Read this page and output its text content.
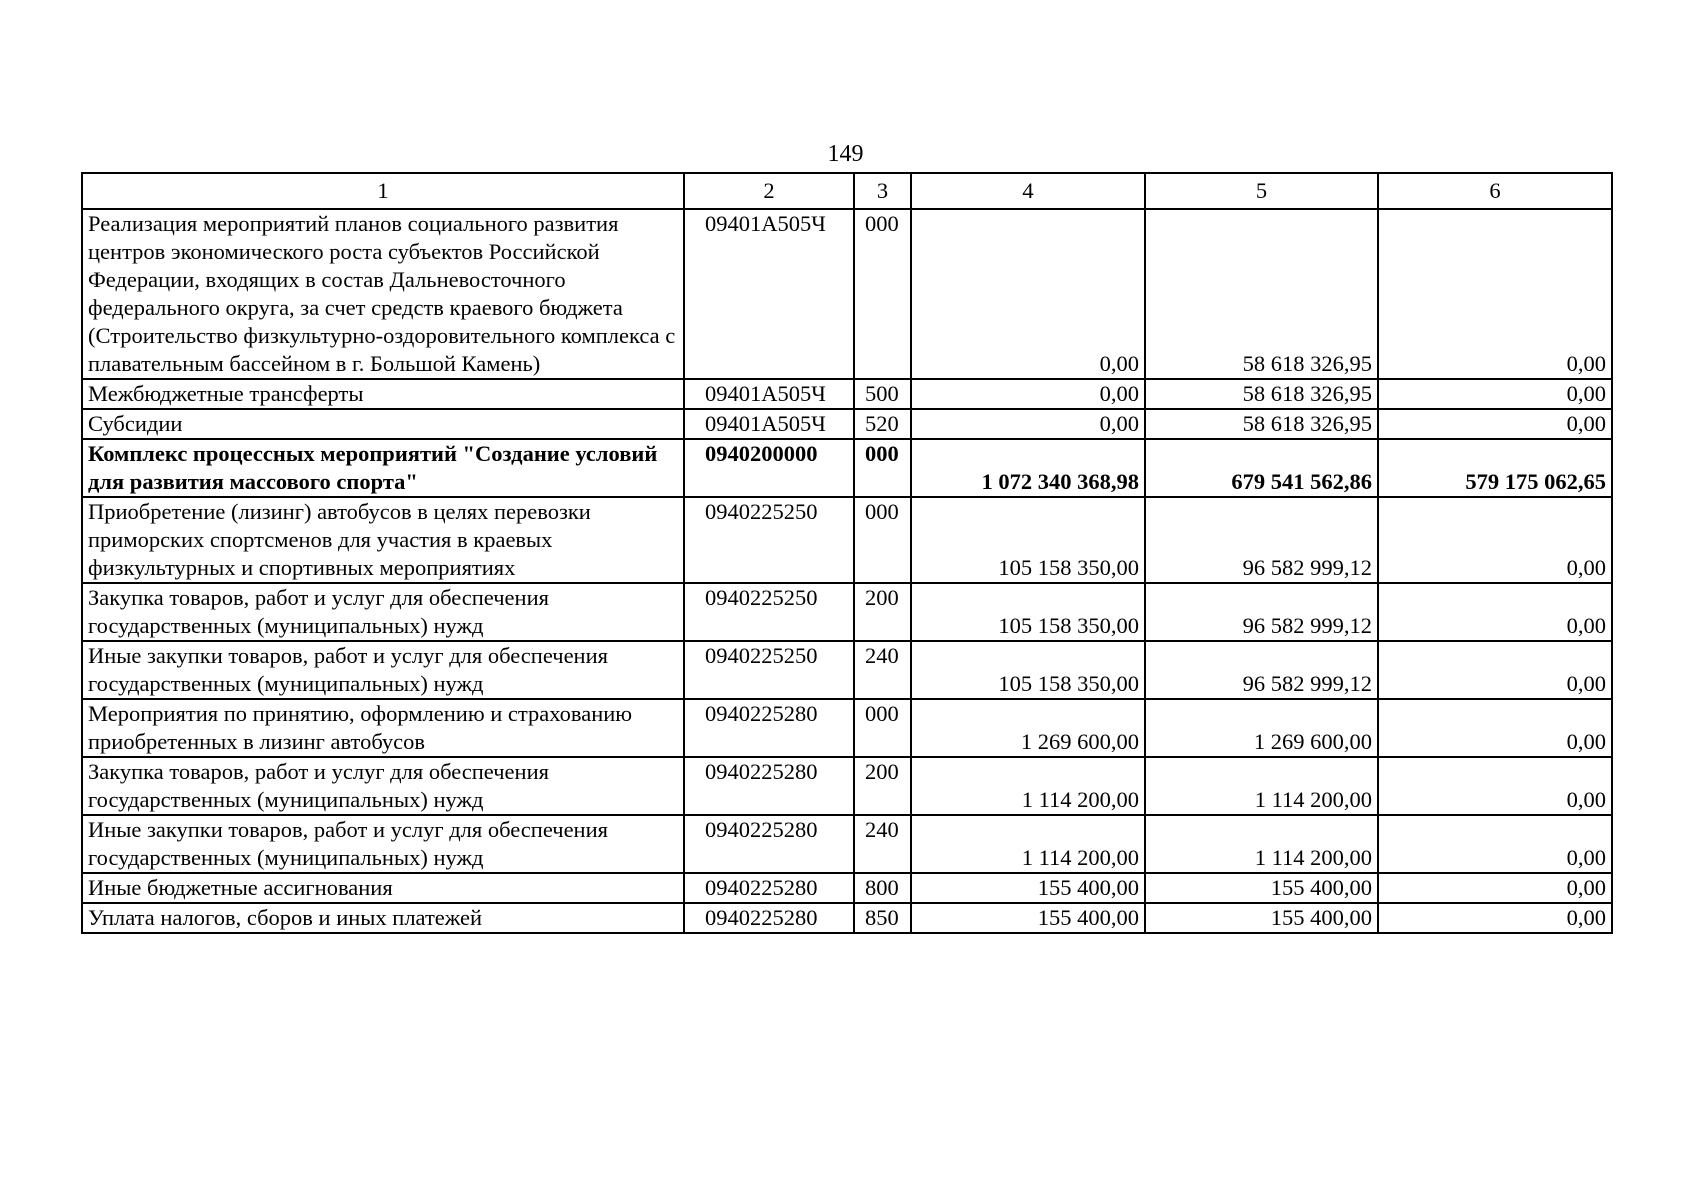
149
1	2	3	4	5	6
Реализация мероприятий планов социального развития центров экономического роста субъектов Российской Федерации, входящих в состав Дальневосточного федерального округа, за счет средств краевого бюджета (Строительство физкультурно-оздоровительного комплекса с плавательным бассейном в г. Большой Камень)	09401A505Ч	000	0,00	58 618 326,95	0,00
Межбюджетные трансферты	09401A505Ч	500	0,00	58 618 326,95	0,00
Субсидии	09401A505Ч	520	0,00	58 618 326,95	0,00
Комплекс процессных мероприятий "Создание условий для развития массового спорта"	0940200000	000	1 072 340 368,98	679 541 562,86	579 175 062,65
Приобретение (лизинг) автобусов в целях перевозки приморских спортсменов для участия в краевых физкультурных и спортивных мероприятиях	0940225250	000	105 158 350,00	96 582 999,12	0,00
Закупка товаров, работ и услуг для обеспечения государственных (муниципальных) нужд	0940225250	200	105 158 350,00	96 582 999,12	0,00
Иные закупки товаров, работ и услуг для обеспечения государственных (муниципальных) нужд	0940225250	240	105 158 350,00	96 582 999,12	0,00
Мероприятия по принятию, оформлению и страхованию приобретенных в лизинг автобусов	0940225280	000	1 269 600,00	1 269 600,00	0,00
Закупка товаров, работ и услуг для обеспечения государственных (муниципальных) нужд	0940225280	200	1 114 200,00	1 114 200,00	0,00
Иные закупки товаров, работ и услуг для обеспечения государственных (муниципальных) нужд	0940225280	240	1 114 200,00	1 114 200,00	0,00
Иные бюджетные ассигнования	0940225280	800	155 400,00	155 400,00	0,00
Уплата налогов, сборов и иных платежей	0940225280	850	155 400,00	155 400,00	0,00
